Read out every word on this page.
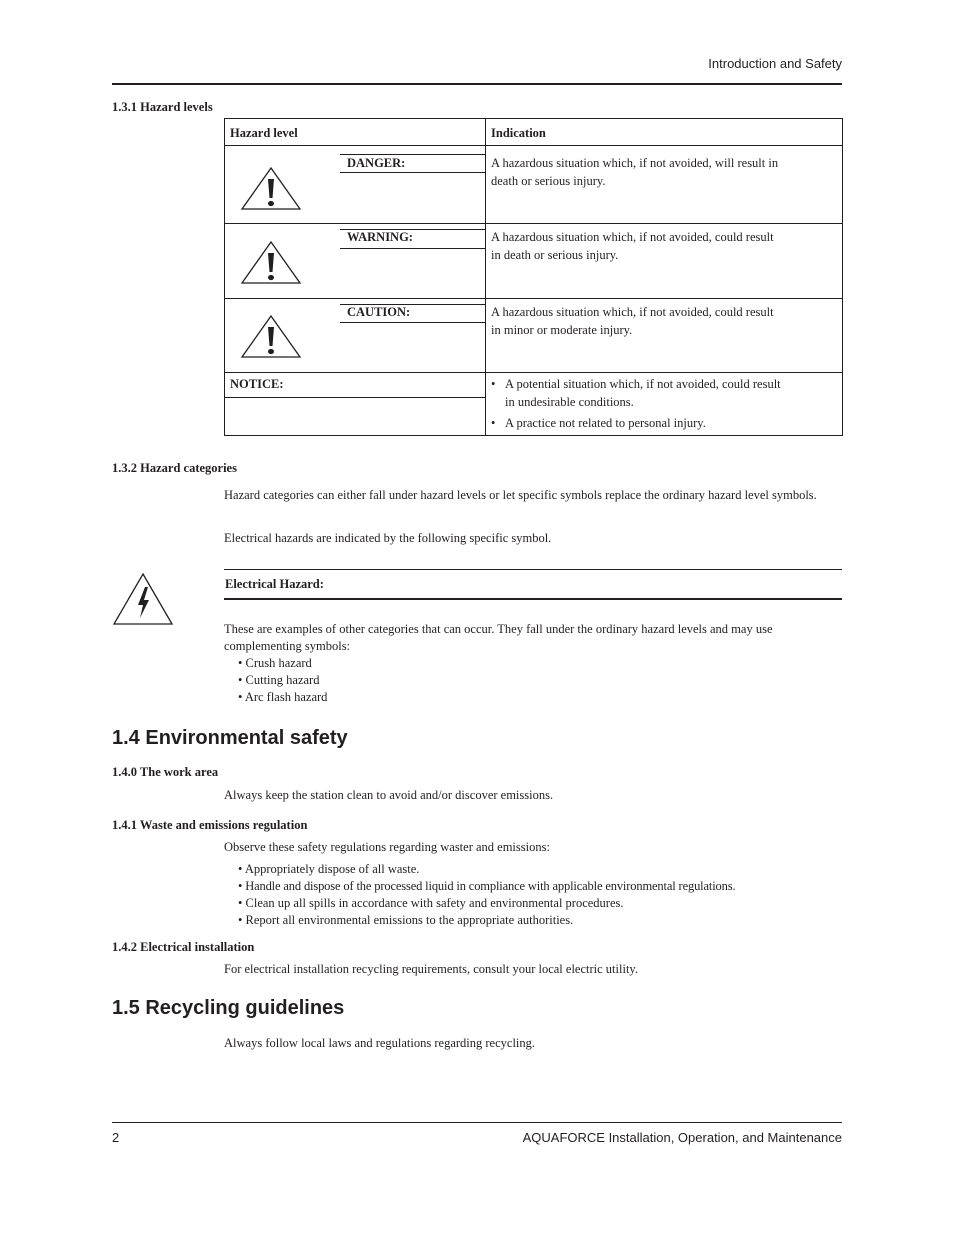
Introduction and Safety
1.3.1 Hazard levels
Hazard level	Indication
DANGER:	A hazardous situation which, if not avoided, will result in death or serious injury.
WARNING:	A hazardous situation which, if not avoided, could result in death or serious injury.
CAUTION:	A hazardous situation which, if not avoided, could result in minor or moderate injury.
NOTICE:	• A potential situation which, if not avoided, could result in undesirable conditions.
• A practice not related to personal injury.
1.3.2 Hazard categories
Hazard categories can either fall under hazard levels or let specific symbols replace the ordinary hazard level symbols.
Electrical hazards are indicated by the following specific symbol.
Electrical Hazard:
These are examples of other categories that can occur. They fall under the ordinary hazard levels and may use complementing symbols:
• Crush hazard
• Cutting hazard
• Arc flash hazard
1.4 Environmental safety
1.4.0 The work area
Always keep the station clean to avoid and/or discover emissions.
1.4.1 Waste and emissions regulation
Observe these safety regulations regarding waster and emissions:
• Appropriately dispose of all waste.
• Handle and dispose of the processed liquid in compliance with applicable environmental regulations.
• Clean up all spills in accordance with safety and environmental procedures.
• Report all environmental emissions to the appropriate authorities.
1.4.2 Electrical installation
For electrical installation recycling requirements, consult your local electric utility.
1.5 Recycling guidelines
Always follow local laws and regulations regarding recycling.
2	AQUAFORCE Installation, Operation, and Maintenance
